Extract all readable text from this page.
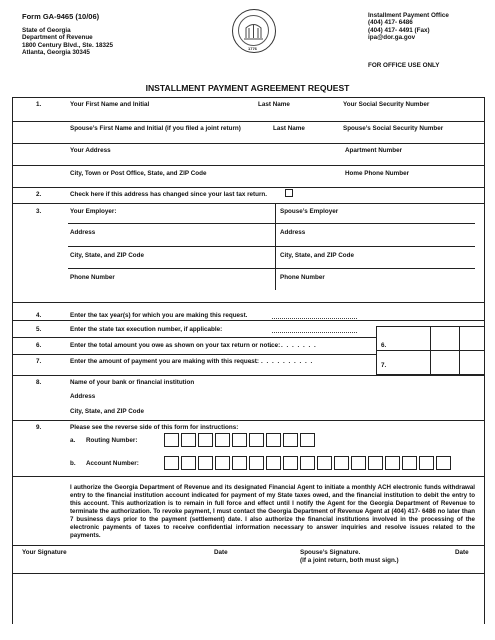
Form GA-9465 (10/06)
State of Georgia
Department of Revenue
1800 Century Blvd., Ste. 18325
Atlanta, Georgia 30345
1776
Installment Payment Office
(404) 417- 6486
(404) 417- 4491 (Fax)
ipa@dor.ga.gov
FOR OFFICE USE ONLY
INSTALLMENT PAYMENT AGREEMENT REQUEST
1.	Your First Name and Initial	Last Name	Your Social Security Number
Spouse’s First Name and Initial (if you filed a joint return)	Last Name	Spouse’s Social Security Number
Your Address	Apartment Number
City, Town or Post Office, State, and ZIP Code	Home Phone Number
2.	Check here if this address has changed since your last tax return.
3.	Your Employer:	Spouse’s Employer
Address	Address
City, State, and ZIP Code	City, State, and ZIP Code
Phone Number	Phone Number
4.	Enter the tax year(s) for which you are making this request.
5.	Enter the state tax execution number, if applicable:
6.	Enter the total amount you owe as shown on your tax return or notice:
. . . . . . . . .
7.	Enter the amount of payment you are making with this request:
. . . . . . . . . . . .
6.
7.
8.	Name of your bank or financial institution
Address
City, State, and ZIP Code
9.	Please see the reverse side of this form for instructions:
a. Routing Number:
b. Account Number:
I authorize the Georgia Department of Revenue and its designated Financial Agent to initiate a monthly ACH electronic funds withdrawal entry to the financial institution account indicated for payment of my State taxes owed, and the financial institution to debit the entry to this account. This authorization is to remain in full force and effect until I notify the Agent for the Georgia Department of Revenue to terminate the authorization. To revoke payment, I must contact the Georgia Department of Revenue Agent at (404) 417- 6486 no later than 7 business days prior to the payment (settlement) date. I also authorize the financial institutions involved in the processing of the electronic payments of taxes to receive confidential information necessary to answer inquiries and resolve issues related to the payments.
Your Signature	Date	Spouse’s Signature.
(If a joint return, both must sign.)
Date
